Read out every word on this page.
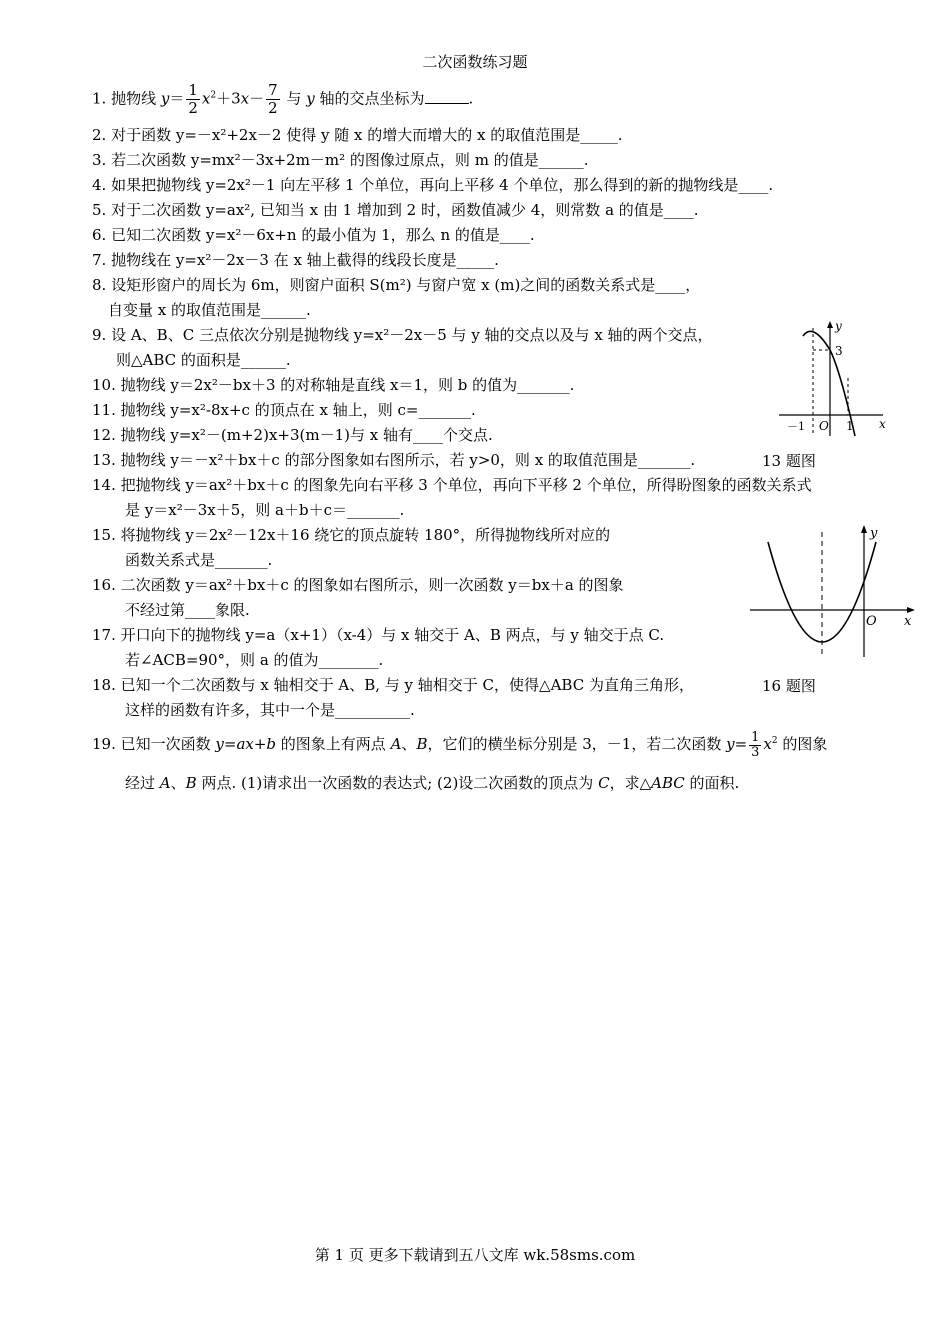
二次函数练习题
1. 抛物线 $y= \frac{1}{2} x^2+3x- \frac{7}{2}$ 与 y 轴的交点坐标为	.
2. 对于函数 y=－x²+2x－2 使得 y 随 x 的增大而增大的 x 的取值范围是_____.
3. 若二次函数 y=mx²－3x+2m－m² 的图像过原点，则 m 的值是______.
4. 如果把抛物线 y=2x²－1 向左平移 1 个单位，再向上平移 4 个单位，那么得到的新的抛物线是____.
5. 对于二次函数 y=ax², 已知当 x 由 1 增加到 2 时，函数值减少 4，则常数 a 的值是____.
6. 已知二次函数 y=x²－6x+n 的最小值为 1，那么 n 的值是____.
7. 抛物线在 y=x²－2x－3 在 x 轴上截得的线段长度是_____.
8. 设矩形窗户的周长为 6m，则窗户面积 S(m²) 与窗户宽 x (m)之间的函数关系式是____，
自变量 x 的取值范围是______.
9. 设 A、B、C 三点依次分别是抛物线 y=x²－2x－5 与 y 轴的交点以及与 x 轴的两个交点，
则△ABC 的面积是______.
10. 抛物线 y＝2x²－bx＋3 的对称轴是直线 x＝1，则 b 的值为_______.
11. 抛物线 y=x²-8x+c 的顶点在 x 轴上，则 c=_______.
12. 抛物线 y=x²－(m+2)x+3(m－1)与 x 轴有____个交点.
13. 抛物线 y＝－x²＋bx＋c 的部分图象如右图所示，若 y>0，则 x 的取值范围是_______.	13 题图
14. 把抛物线 y＝ax²＋bx＋c 的图象先向右平移 3 个单位，再向下平移 2 个单位，所得盼图象的函数关系式
是 y＝x²－3x＋5，则 a＋b＋c＝_______.
15. 将抛物线 y＝2x²－12x＋16 绕它的顶点旋转 180°，所得抛物线所对应的
函数关系式是_______.
16. 二次函数 y＝ax²＋bx＋c 的图象如右图所示，则一次函数 y＝bx＋a 的图象
不经过第____象限.
17. 开口向下的抛物线 y=a（x+1）（x-4）与 x 轴交于 A、B 两点，与 y 轴交于点 C.
若∠ACB=90°，则 a 的值为________.
18. 已知一个二次函数与 x 轴相交于 A、B, 与 y 轴相交于 C，使得△ABC 为直角三角形，	16 题图
这样的函数有许多，其中一个是__________.
19. 已知一次函数 y=ax+b 的图象上有两点 A、B，它们的横坐标分别是 3，－1，若二次函数 $y= \frac{1}{3} x^2$ 的图象
经过 A、B 两点. (1)请求出一次函数的表达式; (2)设二次函数的顶点为 C，求△ABC 的面积.
y
3
－1 O 1 x
y
O x
第 1 页 更多下载请到五八文库 wk.58sms.com
